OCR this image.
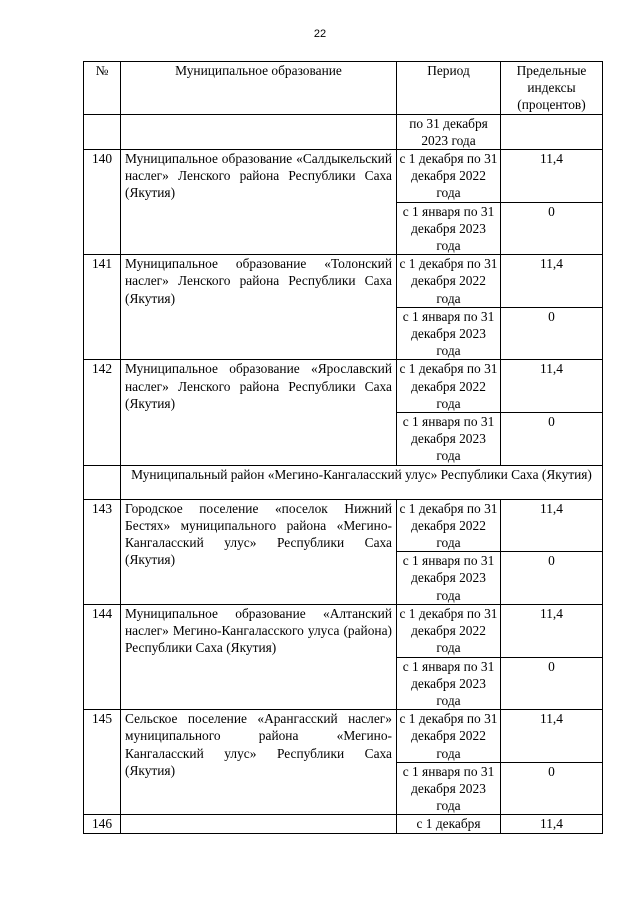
22
№	Муниципальное образование	Период	Предельные индексы (процентов)
		по 31 декабря 2023 года	
140	Муниципальное образование «Салдыкельский наслег» Ленского района Республики Саха (Якутия)	с 1 декабря по 31 декабря 2022 года	11,4
		с 1 января по 31 декабря 2023 года	0
141	Муниципальное образование «Толонский наслег» Ленского района Республики Саха (Якутия)	с 1 декабря по 31 декабря 2022 года	11,4
		с 1 января по 31 декабря 2023 года	0
142	Муниципальное образование «Ярославский наслег» Ленского района Республики Саха (Якутия)	с 1 декабря по 31 декабря 2022 года	11,4
		с 1 января по 31 декабря 2023 года	0
	Муниципальный район «Мегино-Кангаласский улус» Республики Саха (Якутия)		
143	Городское поселение «поселок Нижний Бестях» муниципального района «Мегино-Кангаласский улус» Республики Саха (Якутия)	с 1 декабря по 31 декабря 2022 года	11,4
		с 1 января по 31 декабря 2023 года	0
144	Муниципальное образование «Алтанский наслег» Мегино-Кангаласского улуса (района) Республики Саха (Якутия)	с 1 декабря по 31 декабря 2022 года	11,4
		с 1 января по 31 декабря 2023 года	0
145	Сельское поселение «Арангасский наслег» муниципального района «Мегино-Кангаласский улус» Республики Саха (Якутия)	с 1 декабря по 31 декабря 2022 года	11,4
		с 1 января по 31 декабря 2023 года	0
146		с 1 декабря	11,4
